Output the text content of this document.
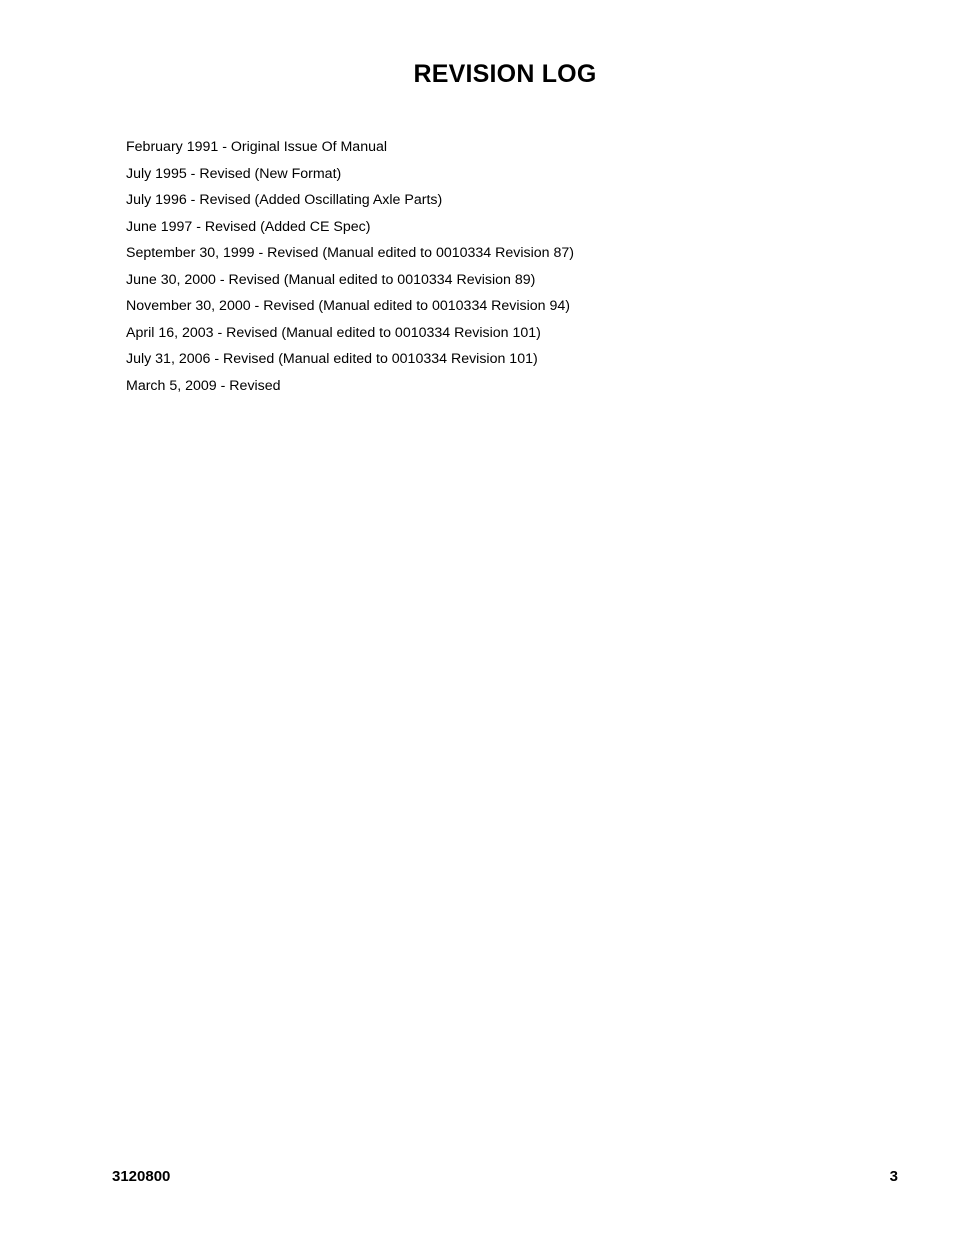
REVISION LOG
February 1991 - Original Issue Of Manual
July 1995 - Revised (New Format)
July 1996 - Revised (Added Oscillating Axle Parts)
June 1997 - Revised (Added CE Spec)
September 30, 1999 - Revised (Manual edited to 0010334 Revision 87)
June 30, 2000 - Revised (Manual edited to 0010334 Revision 89)
November 30, 2000 - Revised (Manual edited to 0010334 Revision 94)
April 16, 2003 - Revised (Manual edited to 0010334 Revision 101)
July 31, 2006 - Revised (Manual edited to 0010334 Revision 101)
March 5, 2009 - Revised
3120800	3
